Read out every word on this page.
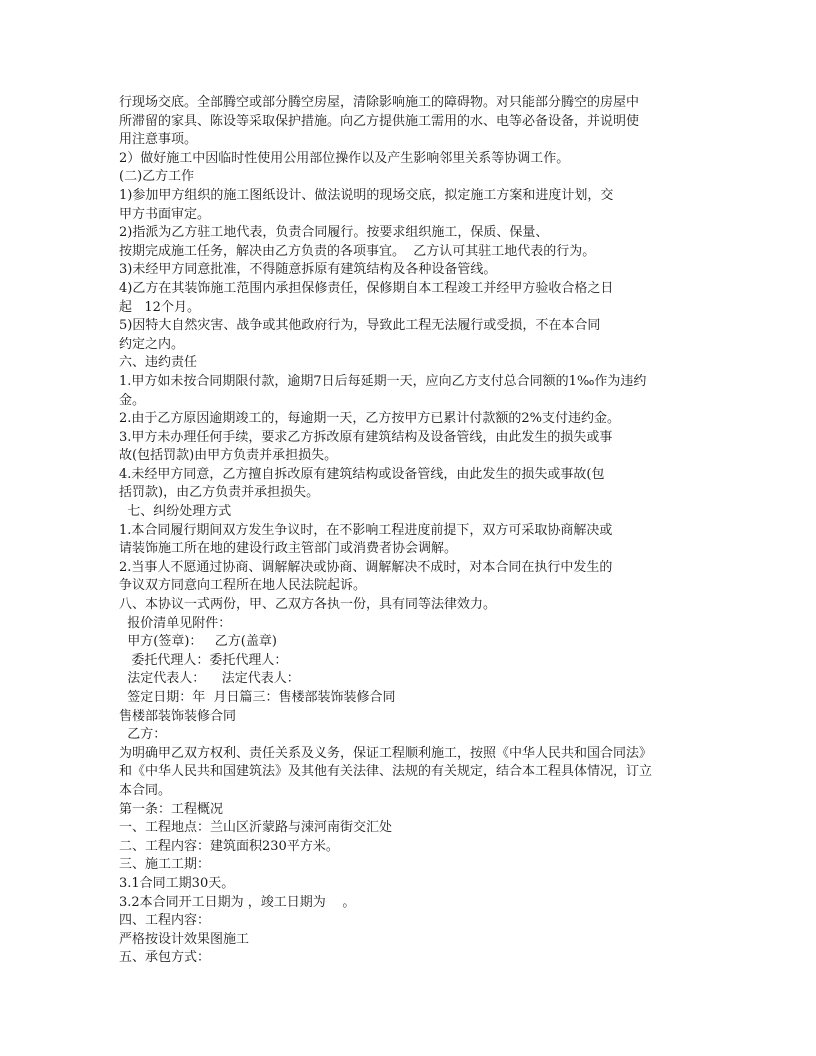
行现场交底。全部腾空或部分腾空房屋，清除影响施工的障碍物。对只能部分腾空的房屋中
所滞留的家具、陈设等采取保护措施。向乙方提供施工需用的水、电等必备设备，并说明使
用注意事项。
2）做好施工中因临时性使用公用部位操作以及产生影响邻里关系等协调工作。
(二)乙方工作
1)参加甲方组织的施工图纸设计、做法说明的现场交底，拟定施工方案和进度计划，交
甲方书面审定。
2)指派为乙方驻工地代表，负责合同履行。按要求组织施工，保质、保量、
按期完成施工任务，解决由乙方负责的各项事宜。  乙方认可其驻工地代表的行为。
3)未经甲方同意批准，不得随意拆原有建筑结构及各种设备管线。
4)乙方在其装饰施工范围内承担保修责任，保修期自本工程竣工并经甲方验收合格之日
起   12个月。
5)因特大自然灾害、战争或其他政府行为，导致此工程无法履行或受损，不在本合同
约定之内。
六、违约责任
1.甲方如未按合同期限付款，逾期7日后每延期一天，应向乙方支付总合同额的1‰作为违约
金。
2.由于乙方原因逾期竣工的，每逾期一天，乙方按甲方已累计付款额的2%支付违约金。
3.甲方未办理任何手续，要求乙方拆改原有建筑结构及设备管线，由此发生的损失或事
故(包括罚款)由甲方负责并承担损失。
4.未经甲方同意，乙方擅自拆改原有建筑结构或设备管线，由此发生的损失或事故(包
括罚款)，由乙方负责并承担损失。
七、纠纷处理方式
1.本合同履行期间双方发生争议时，在不影响工程进度前提下，双方可采取协商解决或
请装饰施工所在地的建设行政主管部门或消费者协会调解。
2.当事人不愿通过协商、调解解决或协商、调解解决不成时，对本合同在执行中发生的
争议双方同意向工程所在地人民法院起诉。
八、本协议一式两份，甲、乙双方各执一份，具有同等法律效力。
报价清单见附件：
甲方(签章)：   乙方(盖章)
委托代理人：委托代理人：
法定代表人：    法定代表人：
签定日期：年  月日篇三：售楼部装饰装修合同
售楼部装饰装修合同
乙方：
为明确甲乙双方权利、责任关系及义务，保证工程顺利施工，按照《中华人民共和国合同法》
和《中华人民共和国建筑法》及其他有关法律、法规的有关规定，结合本工程具体情况，订立
本合同。
第一条：工程概况
一、工程地点：兰山区沂蒙路与涑河南街交汇处
二、工程内容：建筑面积230平方米。
三、施工工期：
3.1合同工期30天。
3.2本合同开工日期为 ，竣工日期为    。
四、工程内容：
严格按设计效果图施工
五、承包方式：
